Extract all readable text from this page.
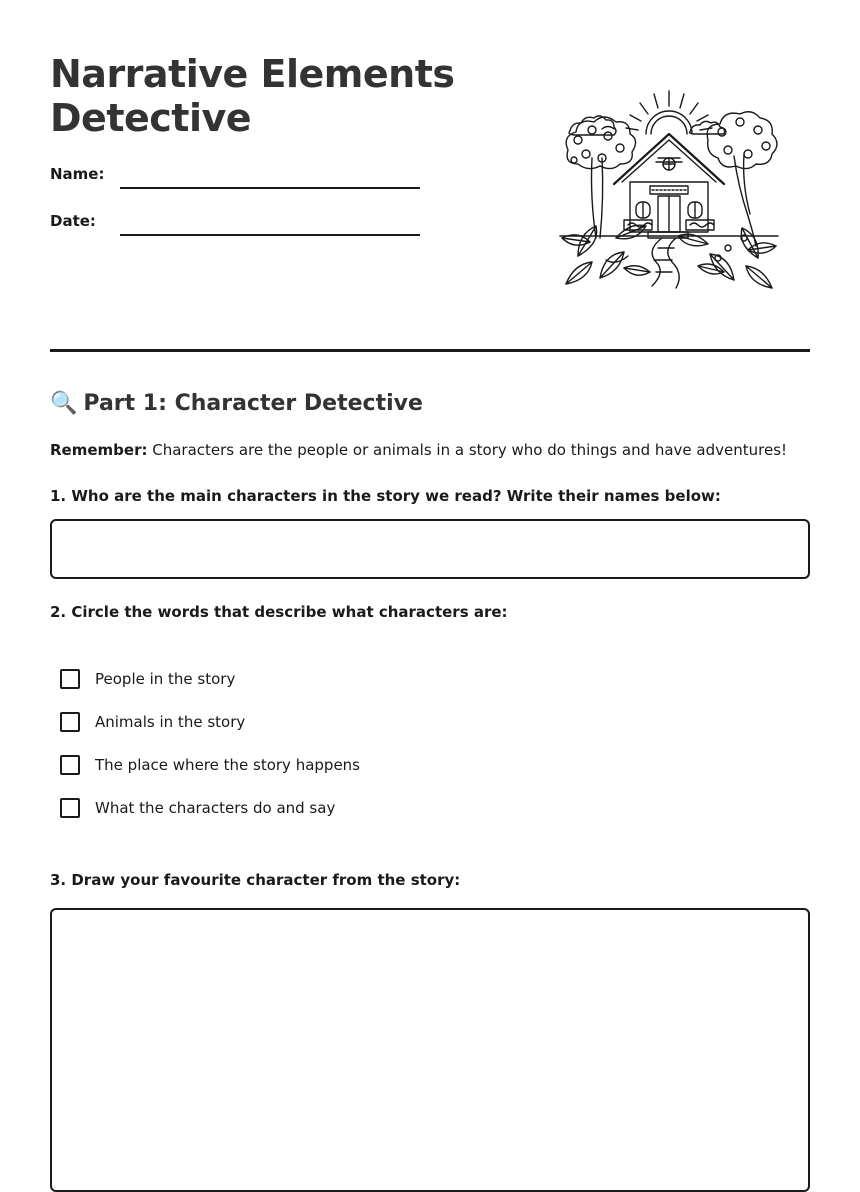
Narrative Elements Detective
Name:
Date:
🔍 Part 1: Character Detective
Remember: Characters are the people or animals in a story who do things and have adventures!
1. Who are the main characters in the story we read? Write their names below:
2. Circle the words that describe what characters are:
People in the story
Animals in the story
The place where the story happens
What the characters do and say
3. Draw your favourite character from the story:
